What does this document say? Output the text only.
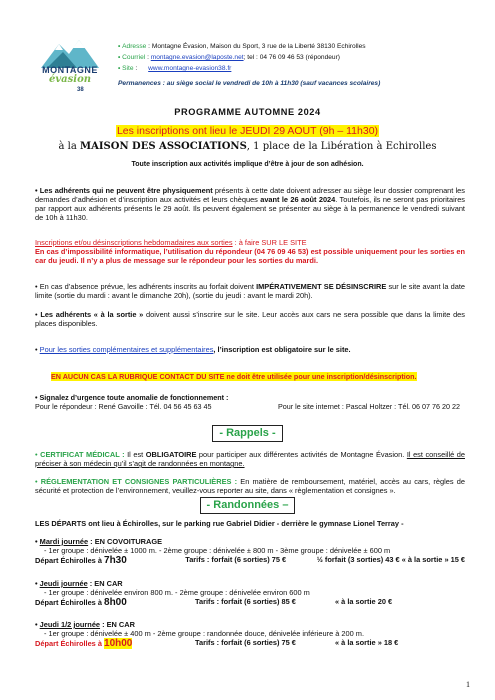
MONTAGNE
évasion
38
• Adresse : Montagne Évasion, Maison du Sport, 3 rue de la Liberté 38130 Echirolles
• Courriel : montagne.evasion@laposte.net; tel : 04 76 09 46 53 (répondeur)
• Site :      www.montagne-evasion38.fr
Permanences : au siège social le vendredi de 10h à 11h30 (sauf vacances scolaires)
PROGRAMME AUTOMNE 2024
Les inscriptions ont lieu le JEUDI 29 AOUT (9h – 11h30)
à la MAISON DES ASSOCIATIONS, 1 place de la Libération à Echirolles
Toute inscription aux activités implique d’être à jour de son adhésion.
• Les adhérents qui ne peuvent être physiquement présents à cette date doivent adresser au siège leur dossier comprenant les demandes d’adhésion et d’inscription aux activités et leurs chèques avant le 26 août 2024. Toutefois, ils ne seront pas prioritaires par rapport aux adhérents présents le 29 août. Ils peuvent également se présenter au siège à la permanence le vendredi suivant de 10h à 11h30.
Inscriptions et/ou désinscriptions hebdomadaires aux sorties : à faire SUR LE SITE
En cas d’impossibilité informatique, l’utilisation du répondeur (04 76 09 46 53) est possible uniquement pour les sorties en car du jeudi. Il n’y a plus de message sur le répondeur pour les sorties du mardi.
• En cas d’absence prévue, les adhérents inscrits au forfait doivent IMPÉRATIVEMENT SE DÉSINSCRIRE sur le site avant la date limite (sortie du mardi : avant le dimanche 20h), (sortie du jeudi : avant le mardi 20h).
• Les adhérents « à la sortie » doivent aussi s’inscrire sur le site. Leur accès aux cars ne sera possible que dans la limite des places disponibles.
• Pour les sorties complémentaires et supplémentaires, l’inscription est obligatoire sur le site.
EN AUCUN CAS LA RUBRIQUE CONTACT DU SITE ne doit être utilisée pour une inscription/désinscription.
• Signalez d’urgence toute anomalie de fonctionnement :
Pour le répondeur : René Gavoille : Tél. 04 56 45 63 45	Pour le site internet : Pascal Holtzer : Tél. 06 07 76 20 22
- Rappels -
• CERTIFICAT MÉDICAL : Il est OBLIGATOIRE pour participer aux différentes activités de Montagne Évasion. Il est conseillé de préciser à son médecin qu’il s’agit de randonnées en montagne.
• RÉGLEMENTATION ET CONSIGNES PARTICULIÈRES : En matière de remboursement, matériel, accès au cars, règles de sécurité et protection de l’environnement, veuillez-vous reporter au site, dans « règlementation et consignes ».
- Randonnées –
LES DÉPARTS ont lieu à Échirolles, sur le parking rue Gabriel Didier - derrière le gymnase Lionel Terray -
• Mardi journée : EN COVOITURAGE
- 1er groupe : dénivelée ± 1000 m. - 2ème groupe : dénivelée ± 800 m - 3ème groupe : dénivelée ± 600 m
Départ Échirolles à 7h30	Tarifs : forfait (6 sorties) 75 €	½ forfait (3 sorties) 43 € « à la sortie » 15 €
• Jeudi journée : EN CAR
- 1er groupe : dénivelée environ 800 m. - 2ème groupe : dénivelée environ 600 m
Départ Échirolles à 8h00	Tarifs : forfait (6 sorties) 85 €	« à la sortie 20 €
• Jeudi 1/2 journée : EN CAR
- 1er groupe : dénivelée ± 400 m - 2ème groupe : randonnée douce, dénivelée inférieure à 200 m.
Départ Échirolles à 10h00	Tarifs : forfait (6 sorties) 75 €	« à la sortie » 18 €
1
